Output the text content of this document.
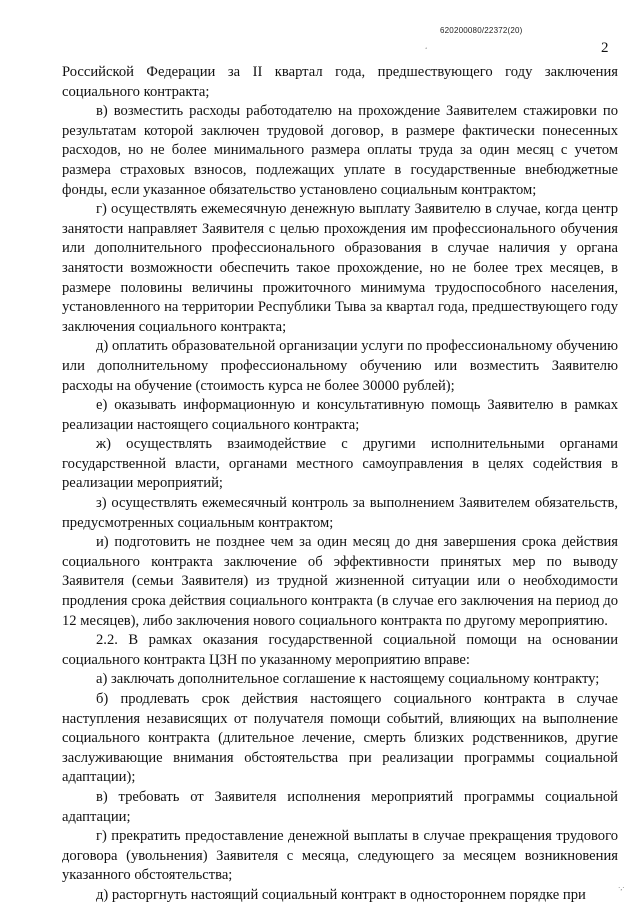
620200080/22372(20)
‘	2

Российской Федерации за II квартал года, предшествующего году заключения социального контракта;

в) возместить расходы работодателю на прохождение Заявителем стажировки по результатам которой заключен трудовой договор, в размере фактически понесенных расходов, но не более минимального размера оплаты труда за один месяц с учетом размера страховых взносов, подлежащих уплате в государственные внебюджетные фонды, если указанное обязательство установлено социальным контрактом;

г) осуществлять ежемесячную денежную выплату Заявителю в случае, когда центр занятости направляет Заявителя с целью прохождения им профессионального обучения или дополнительного профессионального образования в случае наличия у органа занятости возможности обеспечить такое прохождение, но не более трех месяцев, в размере половины величины прожиточного минимума трудоспособного населения, установленного на территории Республики Тыва за квартал года, предшествующего году заключения социального контракта;

д) оплатить образовательной организации услуги по профессиональному обучению или дополнительному профессиональному обучению или возместить Заявителю расходы на обучение (стоимость курса не более 30000 рублей);

е) оказывать информационную и консультативную помощь Заявителю в рамках реализации настоящего социального контракта;

ж) осуществлять взаимодействие с другими исполнительными органами государственной власти, органами местного самоуправления в целях содействия в реализации мероприятий;

з) осуществлять ежемесячный контроль за выполнением Заявителем обязательств, предусмотренных социальным контрактом;

и) подготовить не позднее чем за один месяц до дня завершения срока действия социального контракта заключение об эффективности принятых мер по выводу Заявителя (семьи Заявителя) из трудной жизненной ситуации или о необходимости продления срока действия социального контракта (в случае его заключения на период до 12 месяцев), либо заключения нового социального контракта по другому мероприятию.

2.2. В рамках оказания государственной социальной помощи на основании социального контракта ЦЗН по указанному мероприятию вправе:

а) заключать дополнительное соглашение к настоящему социальному контракту;

б) продлевать срок действия настоящего социального контракта в случае наступления независящих от получателя помощи событий, влияющих на выполнение социального контракта (длительное лечение, смерть близких родственников, другие заслуживающие внимания обстоятельства при реализации программы социальной адаптации);

в) требовать от Заявителя исполнения мероприятий программы социальной адаптации;

г) прекратить предоставление денежной выплаты в случае прекращения трудового договора (увольнения) Заявителя с месяца, следующего за месяцем возникновения указанного обстоятельства;

д) расторгнуть настоящий социальный контракт в одностороннем порядке при	·,·
